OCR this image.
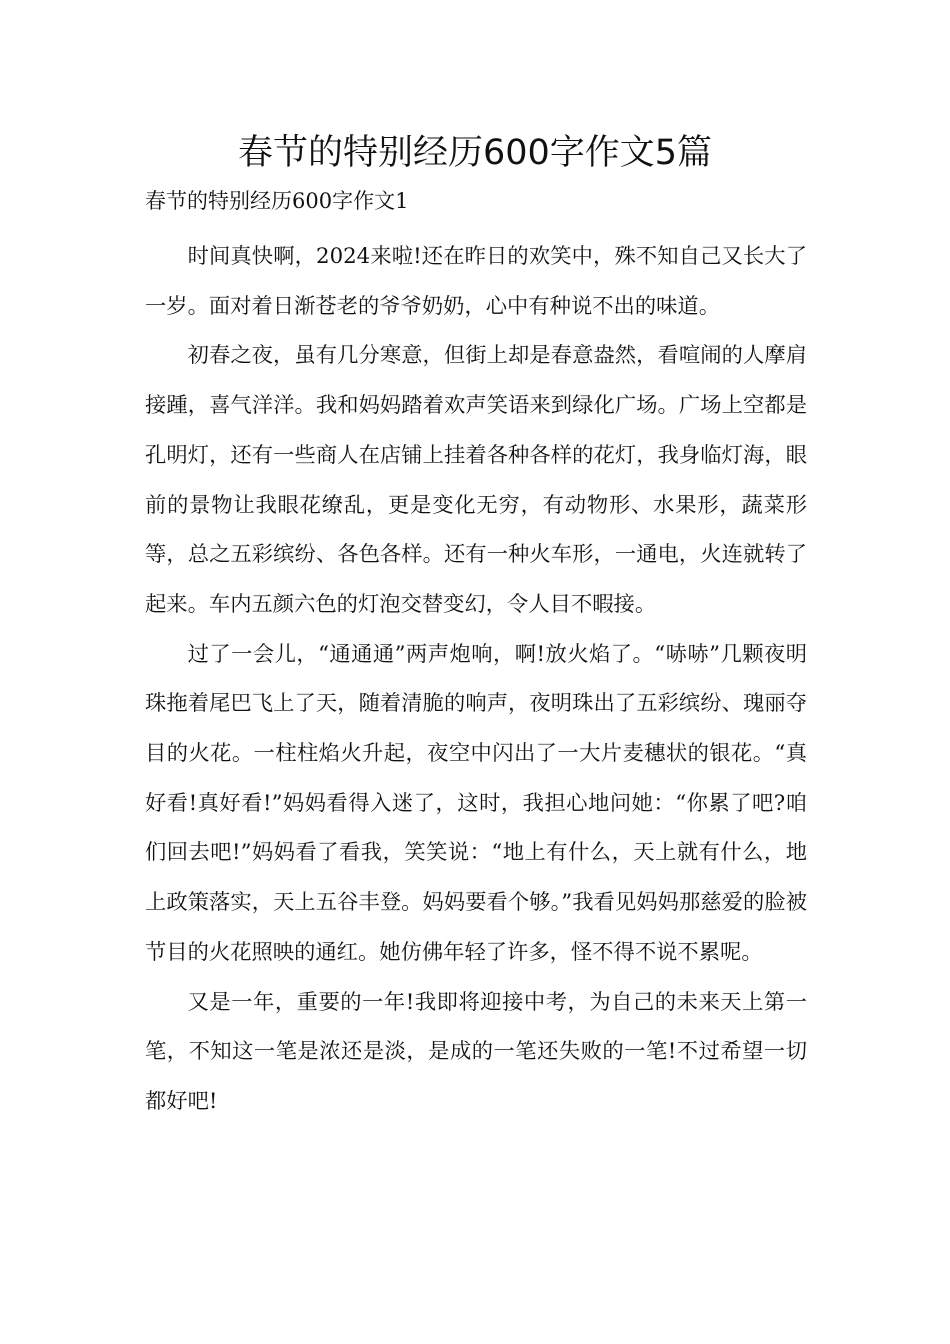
春节的特别经历600字作文5篇

春节的特别经历600字作文1

时间真快啊，2024来啦!还在昨日的欢笑中，殊不知自己又长大了一岁。面对着日渐苍老的爷爷奶奶，心中有种说不出的味道。

初春之夜，虽有几分寒意，但街上却是春意盎然，看喧闹的人摩肩接踵，喜气洋洋。我和妈妈踏着欢声笑语来到绿化广场。广场上空都是孔明灯，还有一些商人在店铺上挂着各种各样的花灯，我身临灯海，眼前的景物让我眼花缭乱，更是变化无穷，有动物形、水果形，蔬菜形等，总之五彩缤纷、各色各样。还有一种火车形，一通电，火连就转了起来。车内五颜六色的灯泡交替变幻，令人目不暇接。

过了一会儿，“通通通”两声炮响，啊!放火焰了。“哧哧”几颗夜明珠拖着尾巴飞上了天，随着清脆的响声，夜明珠出了五彩缤纷、瑰丽夺目的火花。一柱柱焰火升起，夜空中闪出了一大片麦穗状的银花。“真好看!真好看!”妈妈看得入迷了，这时，我担心地问她：“你累了吧?咱们回去吧!”妈妈看了看我，笑笑说：“地上有什么，天上就有什么，地上政策落实，天上五谷丰登。妈妈要看个够。”我看见妈妈那慈爱的脸被节目的火花照映的通红。她仿佛年轻了许多，怪不得不说不累呢。

又是一年，重要的一年!我即将迎接中考，为自己的未来天上第一笔，不知这一笔是浓还是淡，是成的一笔还失败的一笔!不过希望一切都好吧!
